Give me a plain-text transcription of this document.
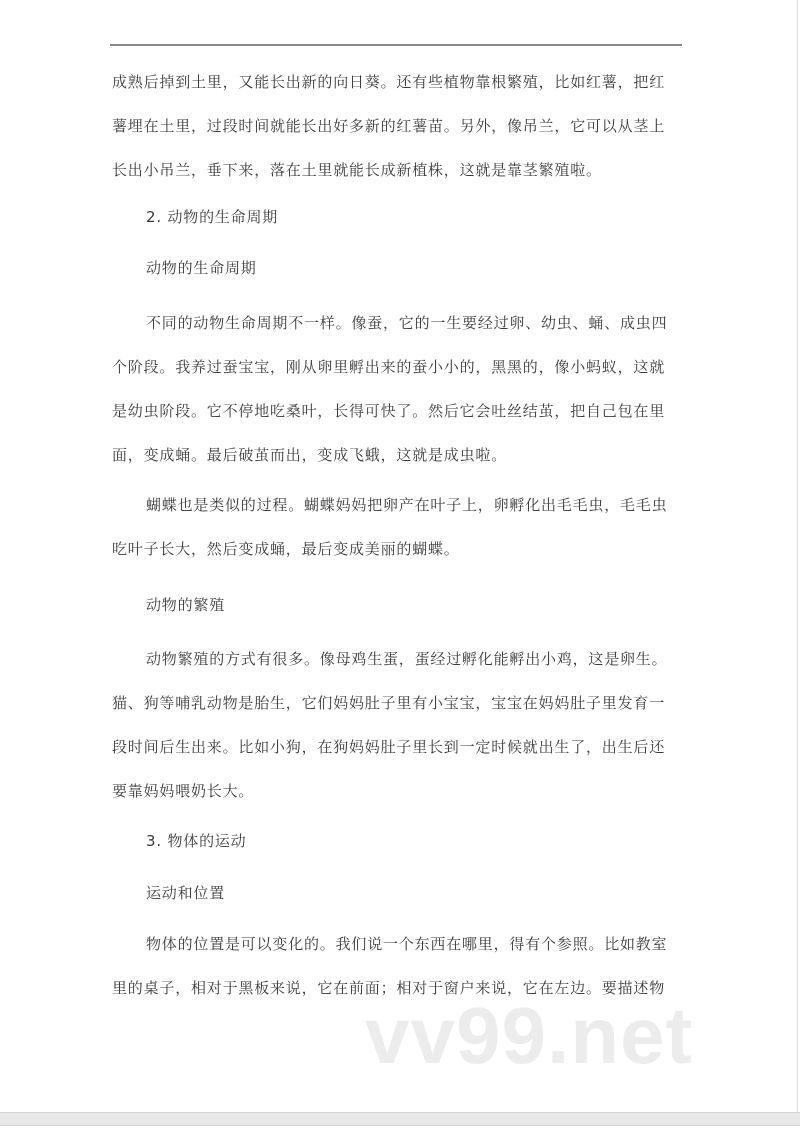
成熟后掉到土里，又能长出新的向日葵。还有些植物靠根繁殖，比如红薯，把红
薯埋在土里，过段时间就能长出好多新的红薯苗。另外，像吊兰，它可以从茎上
长出小吊兰，垂下来，落在土里就能长成新植株，这就是靠茎繁殖啦。
2. 动物的生命周期
动物的生命周期
不同的动物生命周期不一样。像蚕，它的一生要经过卵、幼虫、蛹、成虫四
个阶段。我养过蚕宝宝，刚从卵里孵出来的蚕小小的，黑黑的，像小蚂蚁，这就
是幼虫阶段。它不停地吃桑叶，长得可快了。然后它会吐丝结茧，把自己包在里
面，变成蛹。最后破茧而出，变成飞蛾，这就是成虫啦。
蝴蝶也是类似的过程。蝴蝶妈妈把卵产在叶子上，卵孵化出毛毛虫，毛毛虫
吃叶子长大，然后变成蛹，最后变成美丽的蝴蝶。
动物的繁殖
动物繁殖的方式有很多。像母鸡生蛋，蛋经过孵化能孵出小鸡，这是卵生。
猫、狗等哺乳动物是胎生，它们妈妈肚子里有小宝宝，宝宝在妈妈肚子里发育一
段时间后生出来。比如小狗，在狗妈妈肚子里长到一定时候就出生了，出生后还
要靠妈妈喂奶长大。
3. 物体的运动
运动和位置
物体的位置是可以变化的。我们说一个东西在哪里，得有个参照。比如教室
里的桌子，相对于黑板来说，它在前面；相对于窗户来说，它在左边。要描述物
vv99.net
